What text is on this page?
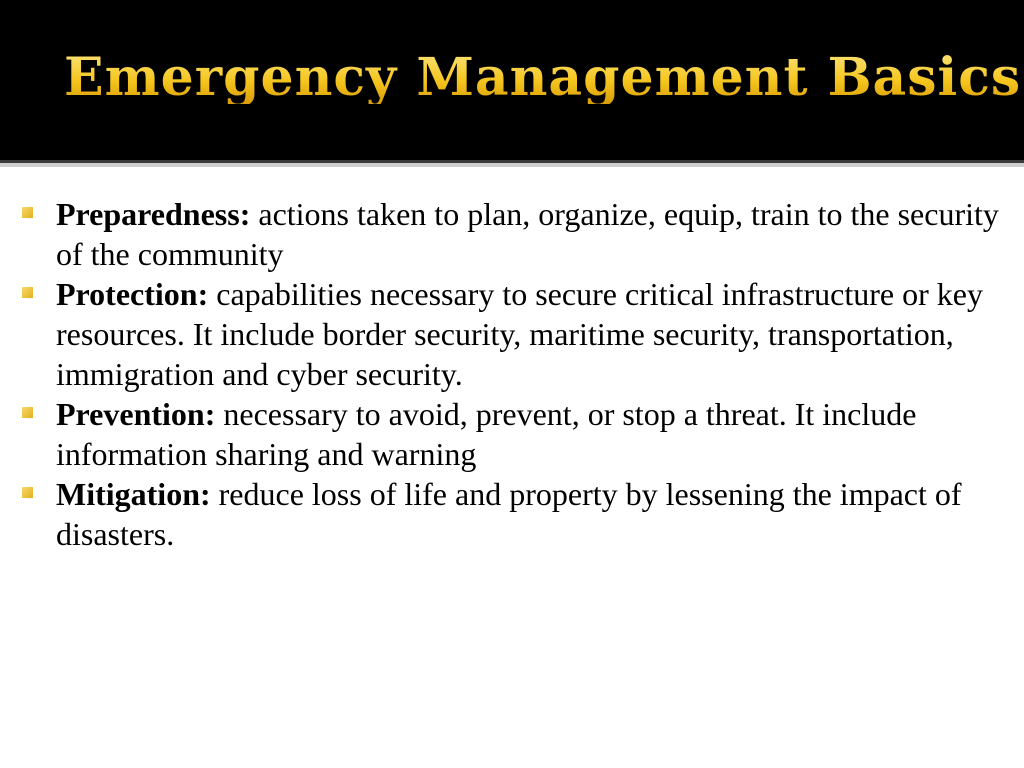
Emergency Management Basics
Preparedness: actions taken to plan, organize, equip, train to the security of the community
Protection: capabilities necessary to secure critical infrastructure or key resources. It include border security, maritime security, transportation, immigration and cyber security.
Prevention: necessary to avoid, prevent, or stop a threat. It include information sharing and warning
Mitigation: reduce loss of life and property by lessening the impact of disasters.
